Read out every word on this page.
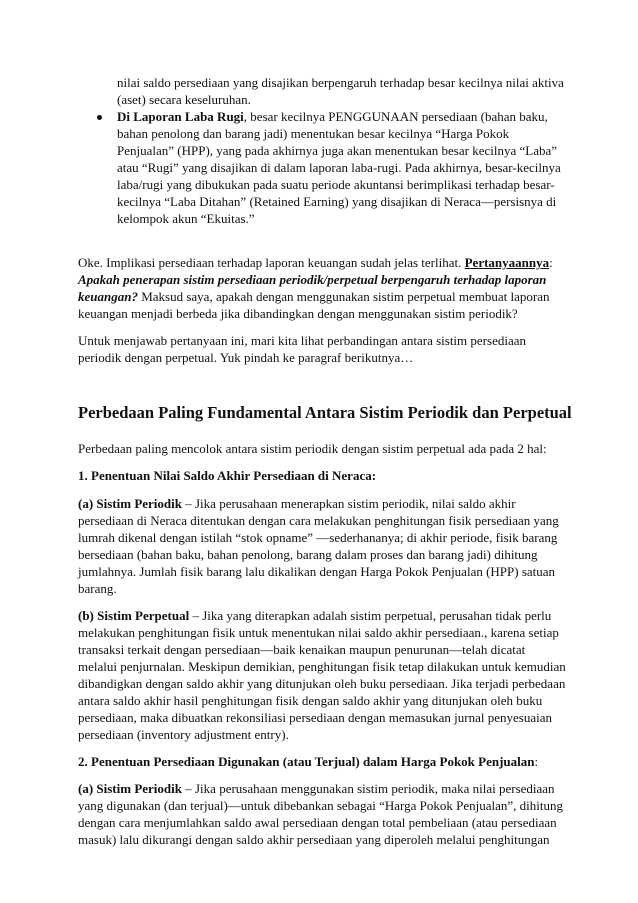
nilai saldo persediaan yang disajikan berpengaruh terhadap besar kecilnya nilai aktiva
(aset) secara keseluruhan.
Di Laporan Laba Rugi, besar kecilnya PENGGUNAAN persediaan (bahan baku,
bahan penolong dan barang jadi) menentukan besar kecilnya “Harga Pokok
Penjualan” (HPP), yang pada akhirnya juga akan menentukan besar kecilnya “Laba”
atau “Rugi” yang disajikan di dalam laporan laba-rugi. Pada akhirnya, besar-kecilnya
laba/rugi yang dibukukan pada suatu periode akuntansi berimplikasi terhadap besar-
kecilnya “Laba Ditahan” (Retained Earning) yang disajikan di Neraca—persisnya di
kelompok akun “Ekuitas.”
Oke. Implikasi persediaan terhadap laporan keuangan sudah jelas terlihat. Pertanyaannya:
Apakah penerapan sistim persediaan periodik/perpetual berpengaruh terhadap laporan
keuangan? Maksud saya, apakah dengan menggunakan sistim perpetual membuat laporan
keuangan menjadi berbeda jika dibandingkan dengan menggunakan sistim periodik?
Untuk menjawab pertanyaan ini, mari kita lihat perbandingan antara sistim persediaan
periodik dengan perpetual. Yuk pindah ke paragraf berikutnya…
Perbedaan Paling Fundamental Antara Sistim Periodik dan Perpetual
Perbedaan paling mencolok antara sistim periodik dengan sistim perpetual ada pada 2 hal:
1. Penentuan Nilai Saldo Akhir Persediaan di Neraca:
(a) Sistim Periodik – Jika perusahaan menerapkan sistim periodik, nilai saldo akhir
persediaan di Neraca ditentukan dengan cara melakukan penghitungan fisik persediaan yang
lumrah dikenal dengan istilah “stok opname” —sederhananya; di akhir periode, fisik barang
bersediaan (bahan baku, bahan penolong, barang dalam proses dan barang jadi) dihitung
jumlahnya. Jumlah fisik barang lalu dikalikan dengan Harga Pokok Penjualan (HPP) satuan
barang.
(b) Sistim Perpetual – Jika yang diterapkan adalah sistim perpetual, perusahan tidak perlu
melakukan penghitungan fisik untuk menentukan nilai saldo akhir persediaan., karena setiap
transaksi terkait dengan persediaan—baik kenaikan maupun penurunan—telah dicatat
melalui penjurnalan. Meskipun demikian, penghitungan fisik tetap dilakukan untuk kemudian
dibandigkan dengan saldo akhir yang ditunjukan oleh buku persediaan. Jika terjadi perbedaan
antara saldo akhir hasil penghitungan fisik dengan saldo akhir yang ditunjukan oleh buku
persediaan, maka dibuatkan rekonsiliasi persediaan dengan memasukan jurnal penyesuaian
persediaan (inventory adjustment entry).
2. Penentuan Persediaan Digunakan (atau Terjual) dalam Harga Pokok Penjualan:
(a) Sistim Periodik – Jika perusahaan menggunakan sistim periodik, maka nilai persediaan
yang digunakan (dan terjual)—untuk dibebankan sebagai “Harga Pokok Penjualan”, dihitung
dengan cara menjumlahkan saldo awal persediaan dengan total pembeliaan (atau persediaan
masuk) lalu dikurangi dengan saldo akhir persediaan yang diperoleh melalui penghitungan
